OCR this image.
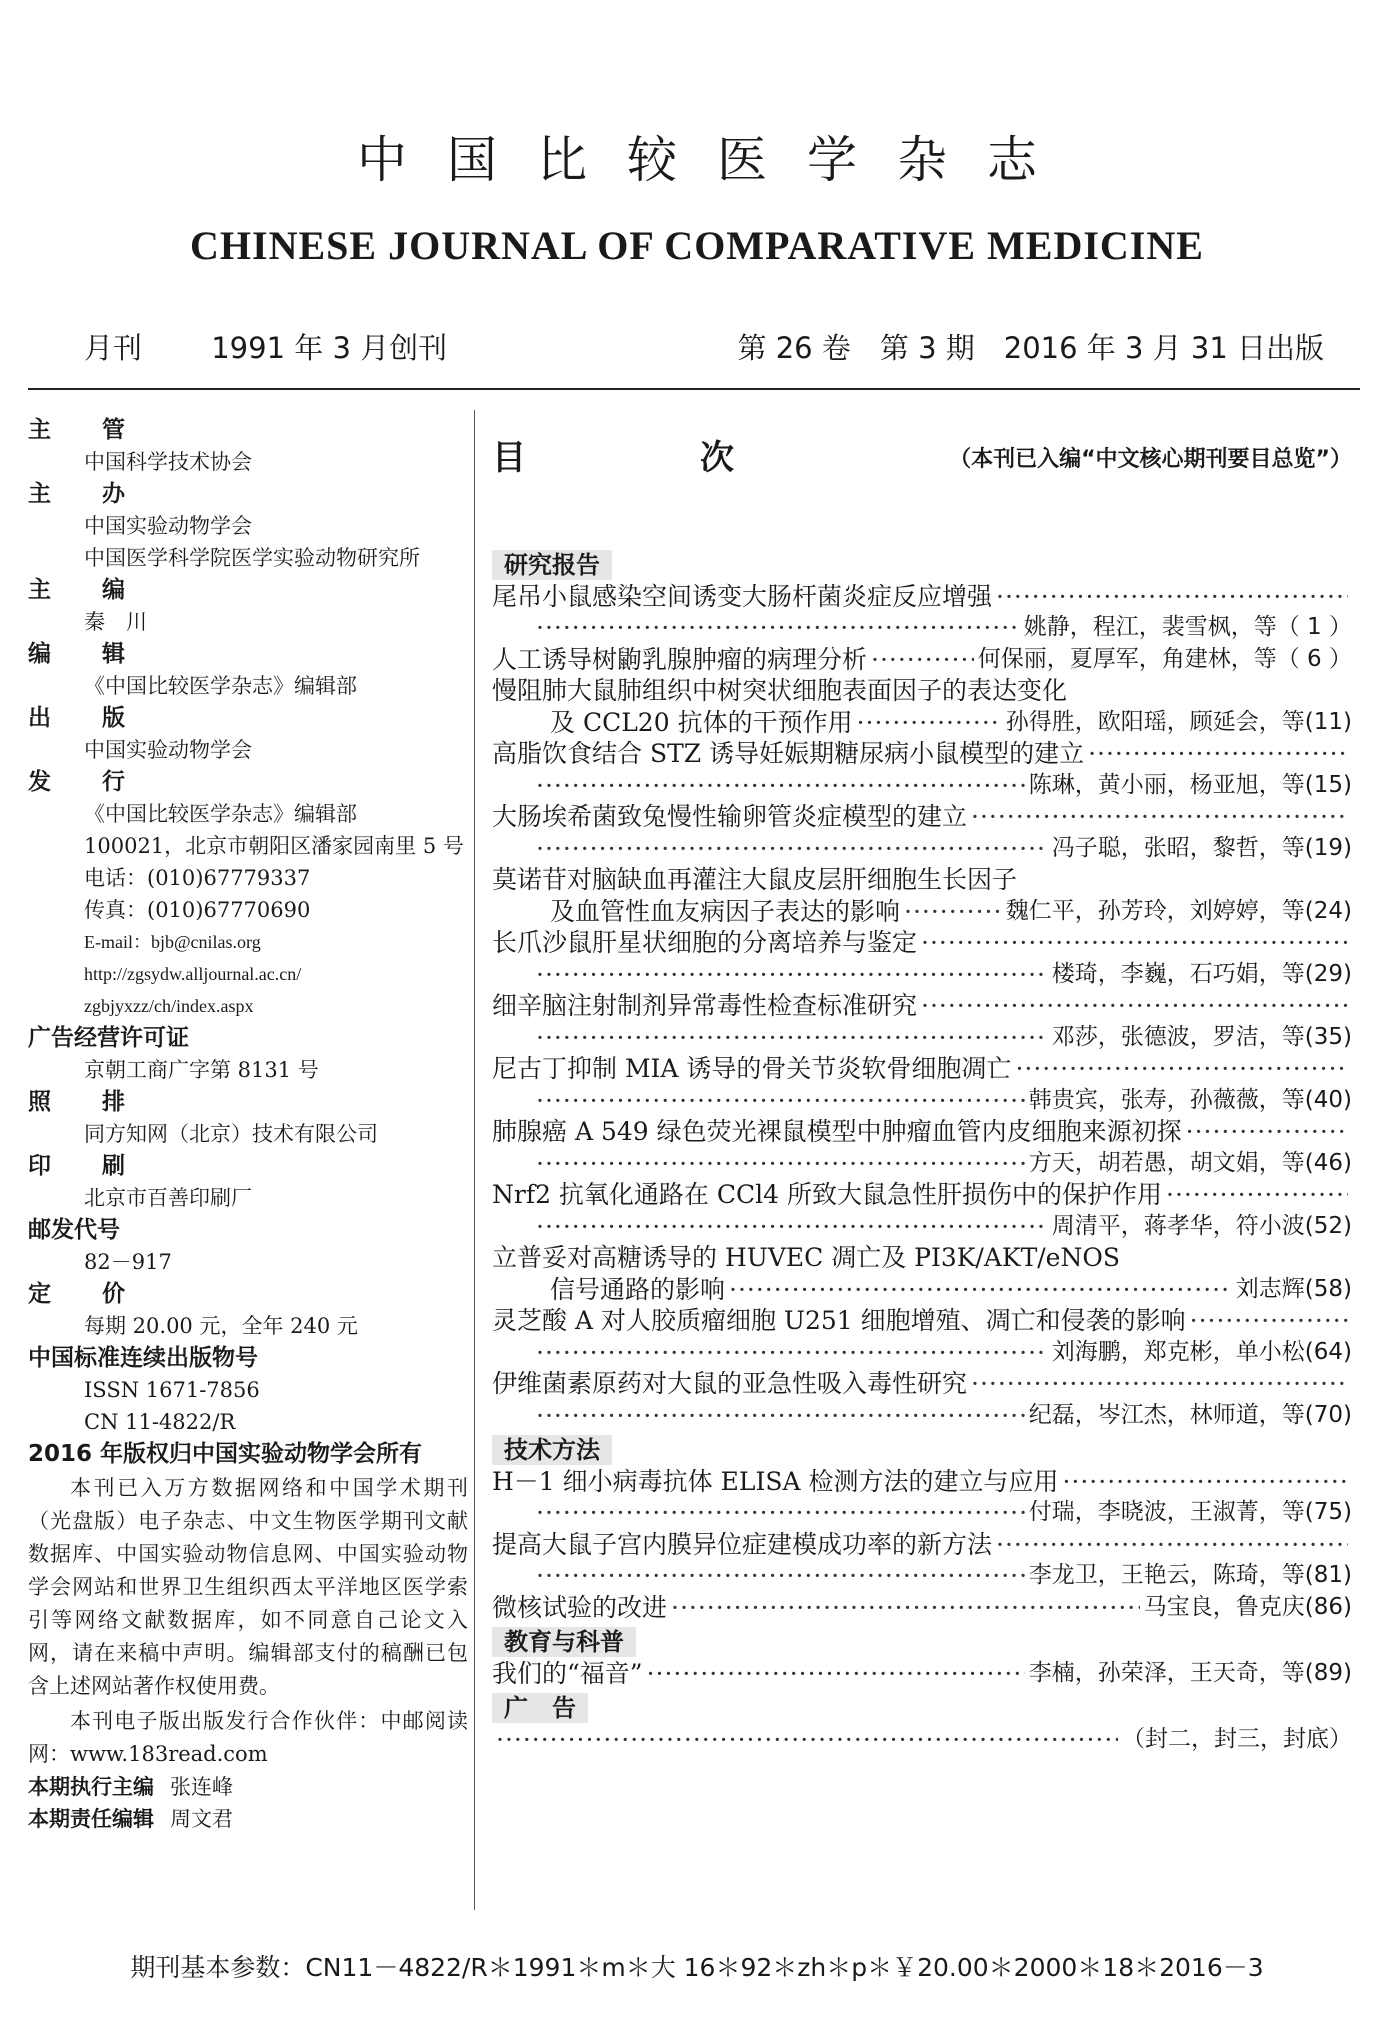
中国比较医学杂志
CHINESE JOURNAL OF COMPARATIVE MEDICINE
月刊 1991 年 3 月创刊	第 26 卷　第 3 期　2016 年 3 月 31 日出版
主　管
中国科学技术协会
主　办
中国实验动物学会
中国医学科学院医学实验动物研究所
主　编
秦　川
编　辑
《中国比较医学杂志》编辑部
出　版
中国实验动物学会
发　行
《中国比较医学杂志》编辑部
100021，北京市朝阳区潘家园南里 5 号
电话：(010)67779337
传真：(010)67770690
E-mail：bjb@cnilas.org
http://zgsydw.alljournal.ac.cn/
zgbjyxzz/ch/index.aspx
广告经营许可证
京朝工商广字第 8131 号
照　排
同方知网（北京）技术有限公司
印　刷
北京市百善印刷厂
邮发代号
82－917
定　价
每期 20.00 元，全年 240 元
中国标准连续出版物号
ISSN 1671-7856
CN 11-4822/R
2016 年版权归中国实验动物学会所有
本刊已入万方数据网络和中国学术期刊（光盘版）电子杂志、中文生物医学期刊文献数据库、中国实验动物信息网、中国实验动物学会网站和世界卫生组织西太平洋地区医学索引等网络文献数据库，如不同意自己论文入网，请在来稿中声明。编辑部支付的稿酬已包含上述网站著作权使用费。
本刊电子版出版发行合作伙伴：中邮阅读网：www.183read.com
本期执行主编 张连峰
本期责任编辑 周文君
目　次	（本刊已入编“中文核心期刊要目总览”）
研究报告
尾吊小鼠感染空间诱变大肠杆菌炎症反应增强
·····
·····
姚静，程江，裴雪枫，等（ 1 ）
人工诱导树鼩乳腺肿瘤的病理分析 ·····	何保丽，夏厚军，角建林，等（ 6 ）
慢阻肺大鼠肺组织中树突状细胞表面因子的表达变化
及 CCL20 抗体的干预作用 ·····	孙得胜，欧阳瑶，顾延会，等(11)
高脂饮食结合 STZ 诱导妊娠期糖尿病小鼠模型的建立
·····
·····
陈琳，黄小丽，杨亚旭，等(15)
大肠埃希菌致兔慢性输卵管炎症模型的建立
·····
·····
冯子聪，张昭，黎哲，等(19)
莫诺苷对脑缺血再灌注大鼠皮层肝细胞生长因子
及血管性血友病因子表达的影响 ·····	魏仁平，孙芳玲，刘婷婷，等(24)
长爪沙鼠肝星状细胞的分离培养与鉴定
·····
·····
楼琦，李巍，石巧娟，等(29)
细辛脑注射制剂异常毒性检查标准研究
·····
·····
邓莎，张德波，罗洁，等(35)
尼古丁抑制 MIA 诱导的骨关节炎软骨细胞凋亡
·····
·····
韩贵宾，张寿，孙薇薇，等(40)
肺腺癌 A 549 绿色荧光裸鼠模型中肿瘤血管内皮细胞来源初探
·····
·····
方天，胡若愚，胡文娟，等(46)
Nrf2 抗氧化通路在 CCl4 所致大鼠急性肝损伤中的保护作用
·····
·····
周清平，蒋孝华，符小波(52)
立普妥对高糖诱导的 HUVEC 凋亡及 PI3K/AKT/eNOS
信号通路的影响 ·····	刘志辉(58)
灵芝酸 A 对人胶质瘤细胞 U251 细胞增殖、凋亡和侵袭的影响
·····
·····
刘海鹏，郑克彬，单小松(64)
伊维菌素原药对大鼠的亚急性吸入毒性研究
·····
·····
纪磊，岑江杰，林师道，等(70)
技术方法
H－1 细小病毒抗体 ELISA 检测方法的建立与应用
·····
·····
付瑞，李晓波，王淑菁，等(75)
提高大鼠子宫内膜异位症建模成功率的新方法
·····
·····
李龙卫，王艳云，陈琦，等(81)
微核试验的改进 ·····	马宝良，鲁克庆(86)
教育与科普
我们的“福音” ·····	李楠，孙荣泽，王天奇，等(89)
广　告
·····
（封二，封三，封底）
期刊基本参数：CN11－4822/R＊1991＊m＊大 16＊92＊zh＊p＊￥20.00＊2000＊18＊2016－3
